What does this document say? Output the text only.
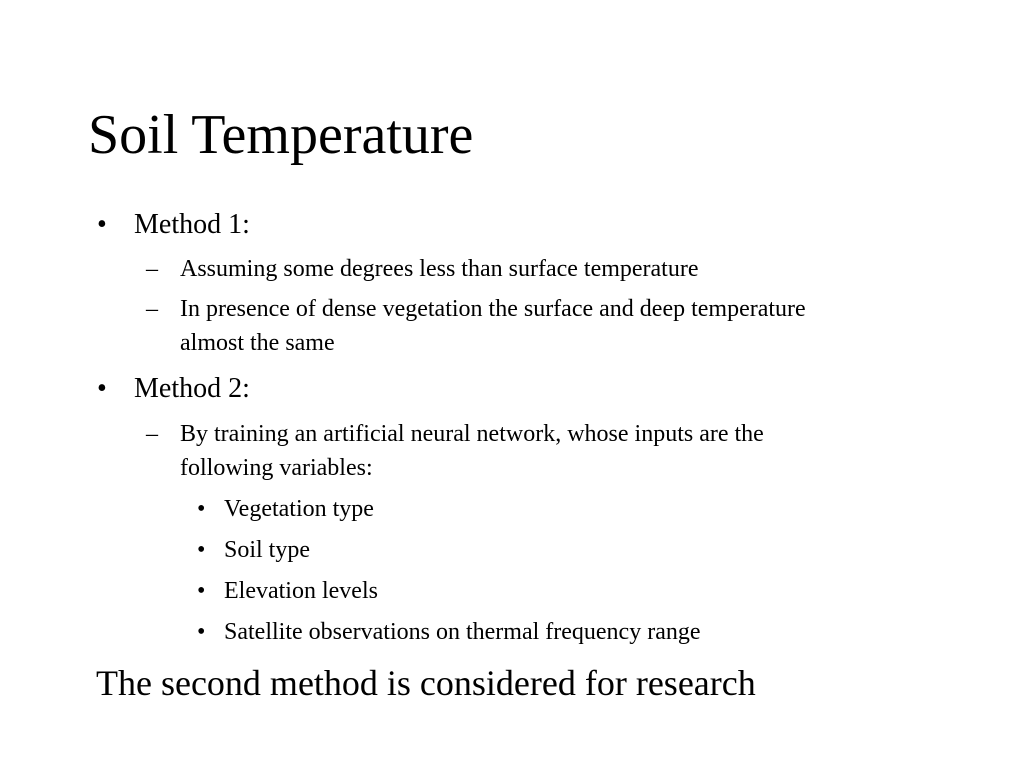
Soil Temperature
• Method 1:
– Assuming some degrees less than surface temperature
– In presence of dense vegetation the surface and deep temperature
almost the same
• Method 2:
– By training an artificial neural network, whose inputs are the
following variables:
• Vegetation type
• Soil type
• Elevation levels
• Satellite observations on thermal frequency range
The second method is considered for research
